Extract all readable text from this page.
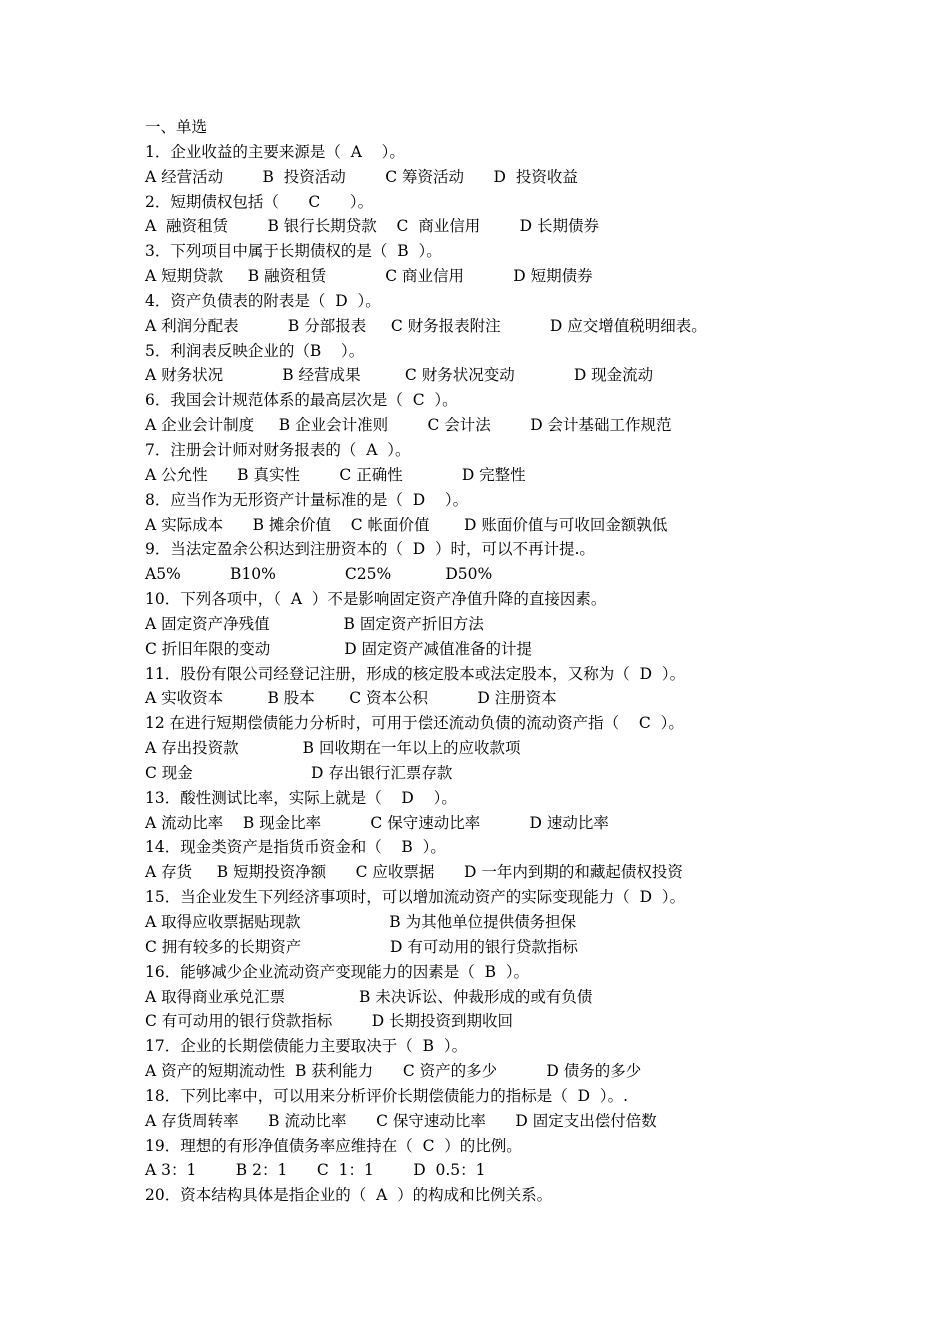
一、单选
1．企业收益的主要来源是（  A    ）。
A 经营活动        B  投资活动        C 筹资活动      D  投资收益
2．短期债权包括（      C      ）。
A  融资租赁        B 银行长期贷款    C  商业信用        D 长期债券
3．下列项目中属于长期债权的是（  B  ）。
A 短期贷款     B 融资租赁            C 商业信用          D 短期债券
4．资产负债表的附表是（  D  ）。
A 利润分配表          B 分部报表     C 财务报表附注          D 应交增值税明细表。
5．利润表反映企业的（B    ）。
A 财务状况            B 经营成果         C 财务状况变动            D 现金流动
6．我国会计规范体系的最高层次是（  C  ）。
A 企业会计制度     B 企业会计准则        C 会计法        D 会计基础工作规范
7．注册会计师对财务报表的（  A  ）。
A 公允性      B 真实性        C 正确性            D 完整性
8．应当作为无形资产计量标准的是（  D    ）。
A 实际成本      B 摊余价值    C 帐面价值       D 账面价值与可收回金额孰低
9．当法定盈余公积达到注册资本的（  D  ）时，可以不再计提.。
A5%          B10%              C25%           D50%
10．下列各项中，（  A  ）不是影响固定资产净值升降的直接因素。
A 固定资产净残值               B 固定资产折旧方法
C 折旧年限的变动               D 固定资产减值准备的计提
11．股份有限公司经登记注册，形成的核定股本或法定股本，又称为（  D  ）。
A 实收资本         B 股本       C 资本公积          D 注册资本
12 在进行短期偿债能力分析时，可用于偿还流动负债的流动资产指（    C  ）。
A 存出投资款             B 回收期在一年以上的应收款项
C 现金                        D 存出银行汇票存款
13．酸性测试比率，实际上就是（    D    ）。
A 流动比率    B 现金比率          C 保守速动比率          D 速动比率
14．现金类资产是指货币资金和（    B  ）。
A 存货     B 短期投资净额      C 应收票据      D 一年内到期的和藏起债权投资
15．当企业发生下列经济事项时，可以增加流动资产的实际变现能力（  D  ）。
A 取得应收票据贴现款                  B 为其他单位提供债务担保
C 拥有较多的长期资产                  D 有可动用的银行贷款指标
16．能够减少企业流动资产变现能力的因素是（  B  ）。
A 取得商业承兑汇票               B 未决诉讼、仲裁形成的或有负债
C 有可动用的银行贷款指标        D 长期投资到期收回
17．企业的长期偿债能力主要取决于（  B  ）。
A 资产的短期流动性  B 获利能力      C 资产的多少          D 债务的多少
18．下列比率中，可以用来分析评价长期偿债能力的指标是（  D  ）。.
A 存货周转率      B 流动比率      C 保守速动比率      D 固定支出偿付倍数
19．理想的有形净值债务率应维持在（  C  ）的比例。
A 3：1        B 2：1      C  1：1        D  0.5：1
20．资本结构具体是指企业的（  A  ）的构成和比例关系。
